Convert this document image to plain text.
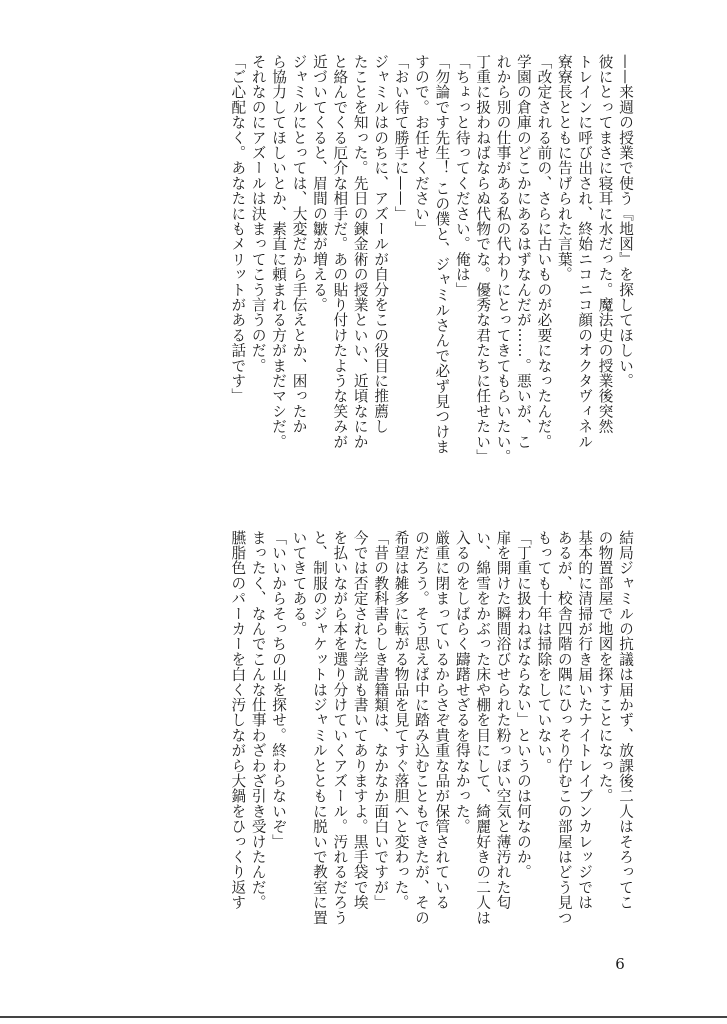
——来週の授業で使う『地図』を探してほしい。
彼にとってまさに寝耳に水だった。魔法史の授業後突然
トレインに呼び出され、終始ニコニコ顔のオクタヴィネル
寮寮長とともに告げられた言葉。
「改定される前の、さらに古いものが必要になったんだ。
学園の倉庫のどこかにあるはずなんだが……。悪いが、こ
れから別の仕事がある私の代わりにとってきてもらいたい。
丁重に扱わねばならぬ代物でな。優秀な君たちに任せたい」
「ちょっと待ってください。俺は」
「勿論です先生！ この僕と、ジャミルさんで必ず見つけま
すので。お任せください」
「おい待て勝手に——」
ジャミルはのちに、アズールが自分をこの役目に推薦し
たことを知った。先日の錬金術の授業といい、近頃なにか
と絡んでくる厄介な相手だ。あの貼り付けたような笑みが
近づいてくると、眉間の皺が増える。
ジャミルにとっては、大変だから手伝えとか、困ったか
ら協力してほしいとか、素直に頼まれる方がまだマシだ。
それなのにアズールは決まってこう言うのだ。
「ご心配なく。あなたにもメリットがある話です」
結局ジャミルの抗議は届かず、放課後二人はそろってこ
の物置部屋で地図を探すことになった。
基本的に清掃が行き届いたナイトレイブンカレッジでは
あるが、校舎四階の隅にひっそり佇むこの部屋はどう見つ
もっても十年は掃除をしていない。
「丁重に扱わねばならない」というのは何なのか。
扉を開けた瞬間浴びせられた粉っぽい空気と薄汚れた匂
い、綿雪をかぶった床や棚を目にして、綺麗好きの二人は
入るのをしばらく躊躇せざるを得なかった。
厳重に閉まっているからさぞ貴重な品が保管されている
のだろう。そう思えば中に踏み込むこともできたが、その
希望は雑多に転がる物品を見てすぐ落胆へと変わった。
「昔の教科書らしき書籍類は、なかなか面白いですが」
今では否定された学説も書いてありますよ。黒手袋で埃
を払いながら本を選り分けていくアズール。汚れるだろう
と、制服のジャケットはジャミルとともに脱いで教室に置
いてきてある。
「いいからそっちの山を探せ。終わらないぞ」
まったく、なんでこんな仕事わざわざ引き受けたんだ。
臙脂色のパーカーを白く汚しながら大鍋をひっくり返す
6
